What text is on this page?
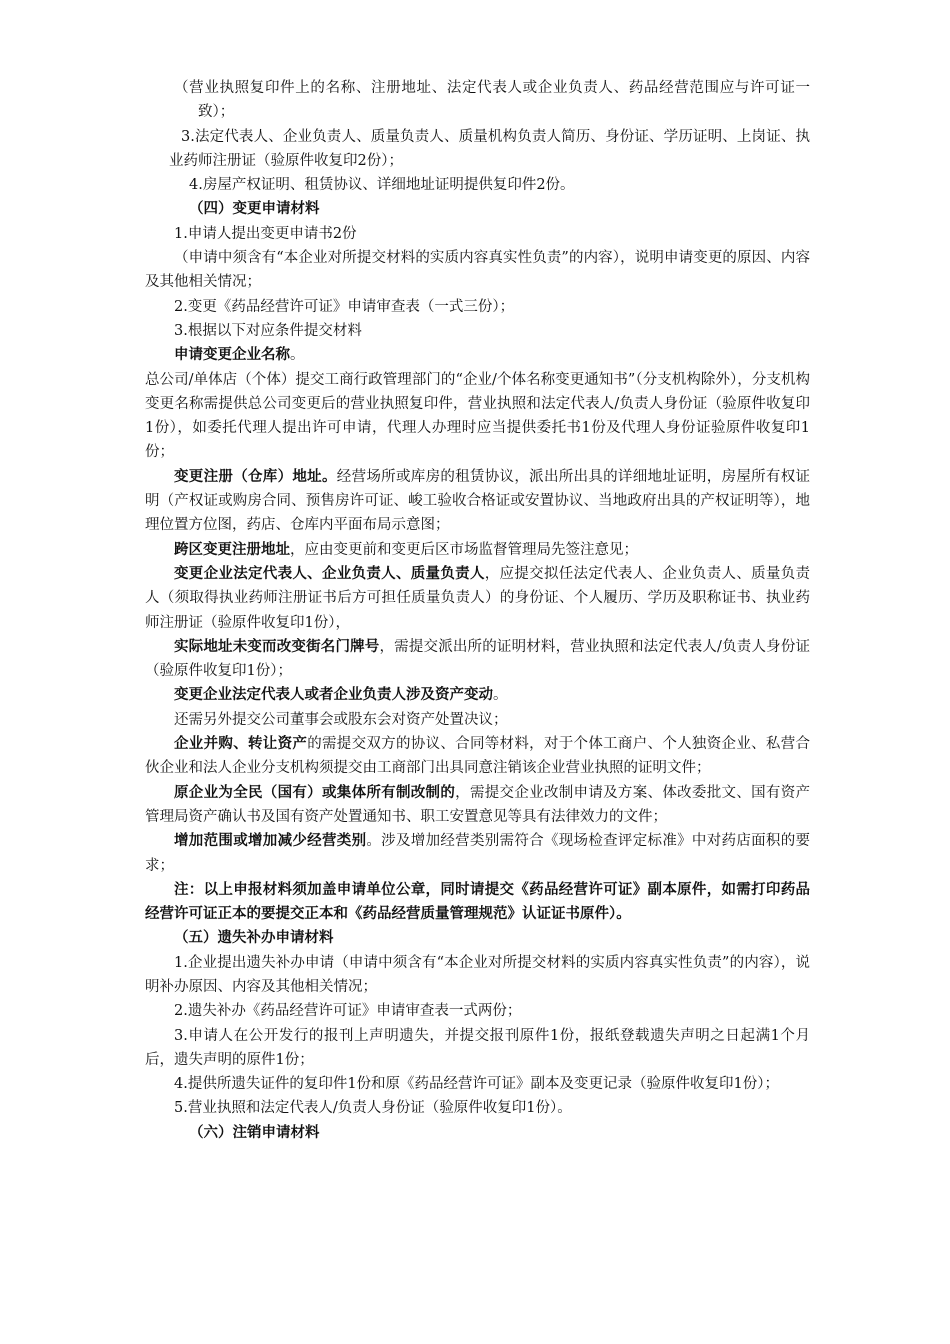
（营业执照复印件上的名称、注册地址、法定代表人或企业负责人、药品经营范围应与许可证一致）；

3.法定代表人、企业负责人、质量负责人、质量机构负责人简历、身份证、学历证明、上岗证、执业药师注册证（验原件收复印2份）；

4.房屋产权证明、租赁协议、详细地址证明提供复印件2份。

（四）变更申请材料

1.申请人提出变更申请书2份

（申请中须含有“本企业对所提交材料的实质内容真实性负责”的内容），说明申请变更的原因、内容及其他相关情况；

2.变更《药品经营许可证》申请审查表（一式三份）；

3.根据以下对应条件提交材料

申请变更企业名称。

总公司/单体店（个体）提交工商行政管理部门的“企业/个体名称变更通知书”（分支机构除外），分支机构变更名称需提供总公司变更后的营业执照复印件，营业执照和法定代表人/负责人身份证（验原件收复印1份），如委托代理人提出许可申请，代理人办理时应当提供委托书1份及代理人身份证验原件收复印1份；

变更注册（仓库）地址。经营场所或库房的租赁协议，派出所出具的详细地址证明，房屋所有权证明（产权证或购房合同、预售房许可证、峻工验收合格证或安置协议、当地政府出具的产权证明等），地理位置方位图，药店、仓库内平面布局示意图；

跨区变更注册地址，应由变更前和变更后区市场监督管理局先签注意见；

变更企业法定代表人、企业负责人、质量负责人，应提交拟任法定代表人、企业负责人、质量负责人（须取得执业药师注册证书后方可担任质量负责人）的身份证、个人履历、学历及职称证书、执业药师注册证（验原件收复印1份），

实际地址未变而改变街名门牌号，需提交派出所的证明材料，营业执照和法定代表人/负责人身份证（验原件收复印1份）；

变更企业法定代表人或者企业负责人涉及资产变动。

还需另外提交公司董事会或股东会对资产处置决议；

企业并购、转让资产的需提交双方的协议、合同等材料，对于个体工商户、个人独资企业、私营合伙企业和法人企业分支机构须提交由工商部门出具同意注销该企业营业执照的证明文件；

原企业为全民（国有）或集体所有制改制的，需提交企业改制申请及方案、体改委批文、国有资产管理局资产确认书及国有资产处置通知书、职工安置意见等具有法律效力的文件；

增加范围或增加减少经营类别。涉及增加经营类别需符合《现场检查评定标准》中对药店面积的要求；

注：以上申报材料须加盖申请单位公章，同时请提交《药品经营许可证》副本原件，如需打印药品经营许可证正本的要提交正本和《药品经营质量管理规范》认证证书原件）。

（五）遗失补办申请材料

1.企业提出遗失补办申请（申请中须含有“本企业对所提交材料的实质内容真实性负责”的内容），说明补办原因、内容及其他相关情况；

2.遗失补办《药品经营许可证》申请审查表一式两份；

3.申请人在公开发行的报刊上声明遗失，并提交报刊原件1份，报纸登载遗失声明之日起满1个月后，遗失声明的原件1份；

4.提供所遗失证件的复印件1份和原《药品经营许可证》副本及变更记录（验原件收复印1份）；

5.营业执照和法定代表人/负责人身份证（验原件收复印1份）。

（六）注销申请材料
